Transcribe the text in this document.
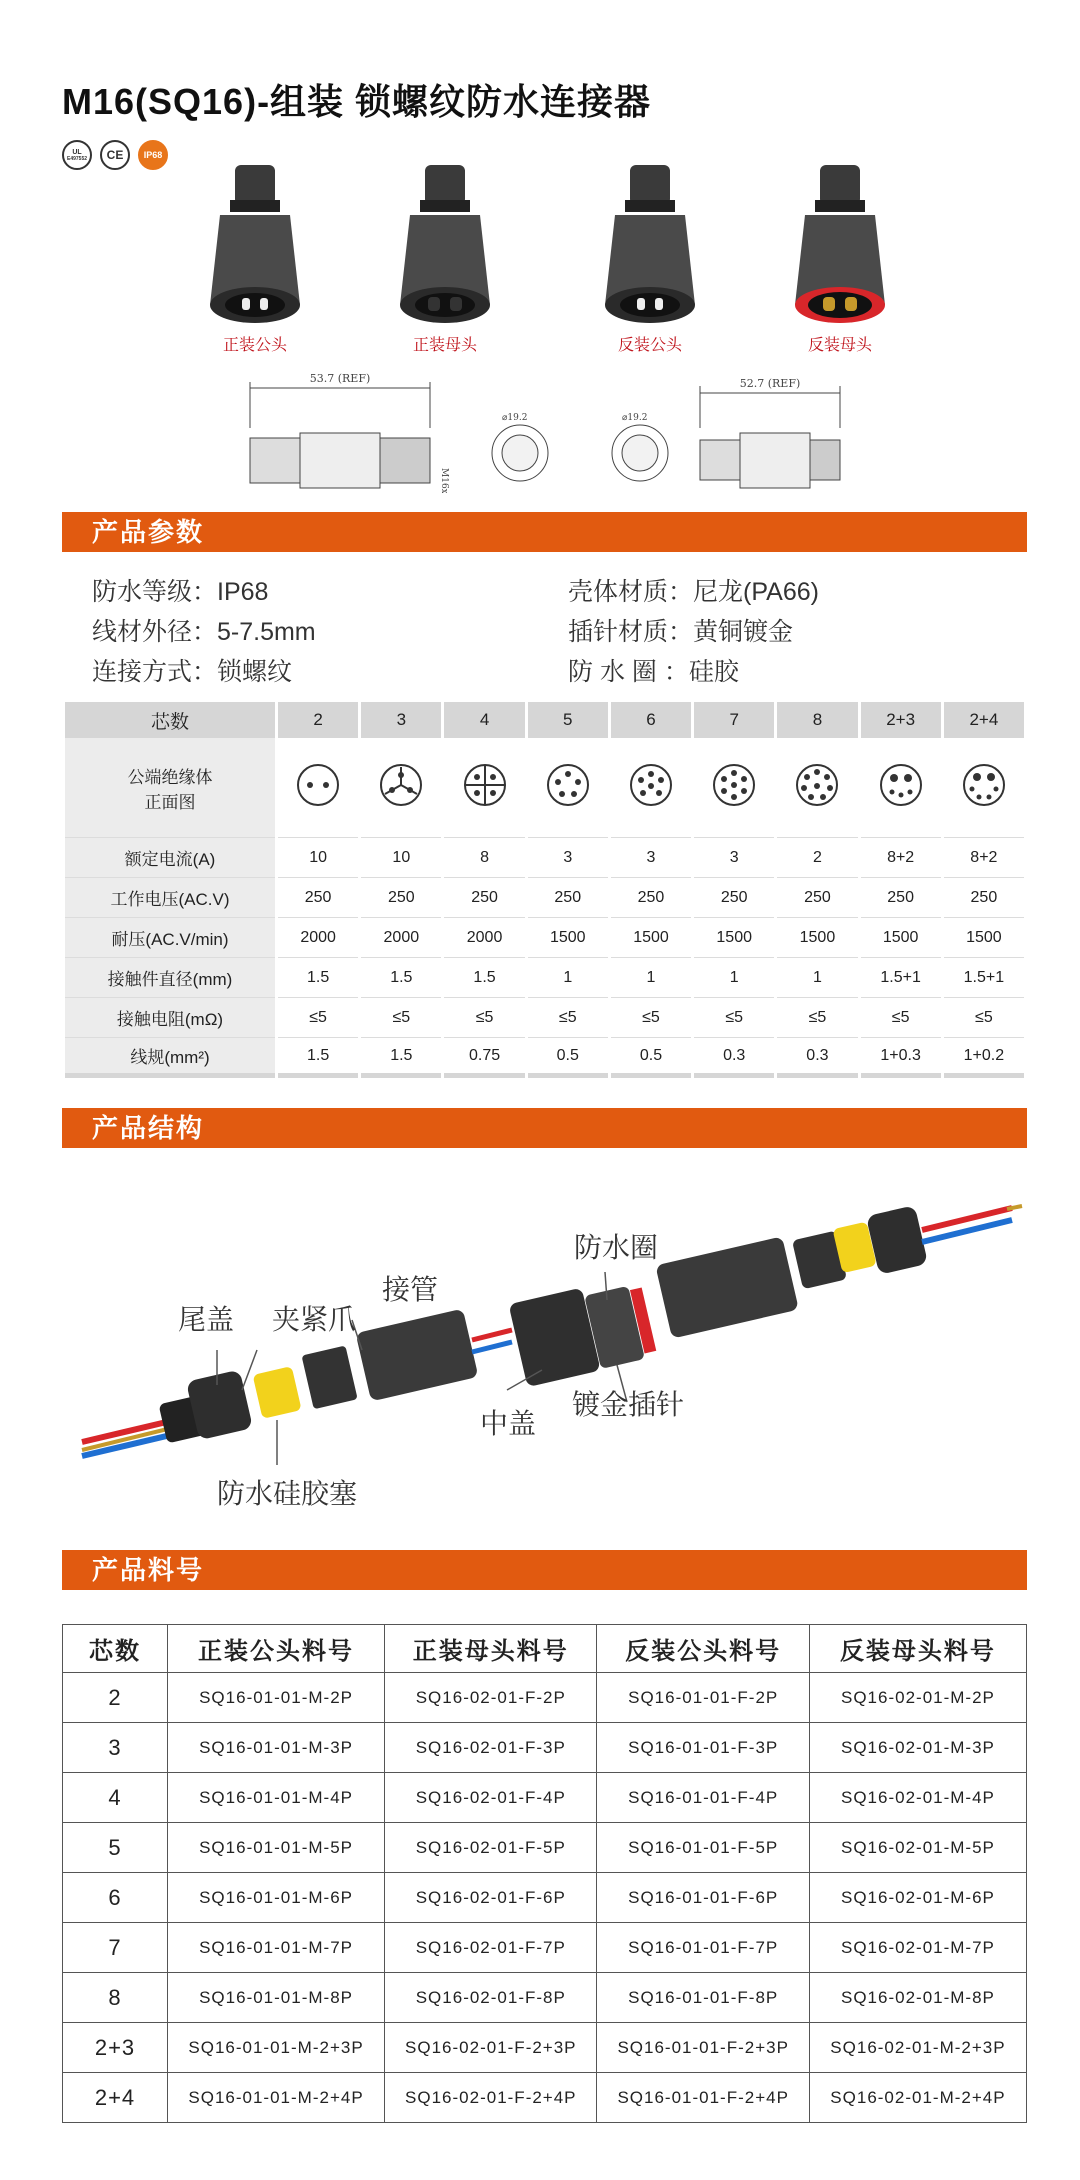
M16(SQ16)-组装 锁螺纹防水连接器
UL
E497552	CE	IP68
正装公头	正装母头	反装公头	反装母头
53.7 (REF)	52.7 (REF)
⌀19.2	⌀19.2
M16x1.5
产品参数
防水等级：IP68	壳体材质：尼龙(PA66)
线材外径：5-7.5mm	插针材质：黄铜镀金
连接方式：锁螺纹	防 水 圈 ：硅胶
芯数	2	3	4	5	6	7	8	2+3	2+4

公端绝缘体
正面图

额定电流(A)	10	10	8	3	3	3	2	8+2	8+2
工作电压(AC.V)	250	250	250	250	250	250	250	250	250
耐压(AC.V/min)	2000	2000	2000	1500	1500	1500	1500	1500	1500
接触件直径(mm)	1.5	1.5	1.5	1	1	1	1	1.5+1	1.5+1
接触电阻(mΩ)	≤5	≤5	≤5	≤5	≤5	≤5	≤5	≤5	≤5
线规(mm²)	1.5	1.5	0.75	0.5	0.5	0.3	0.3	1+0.3	1+0.2
产品结构
尾盖 夹紧爪
接管
防水圈
防水硅胶塞
中盖
镀金插针
产品料号
芯数	正装公头料号	正装母头料号	反装公头料号	反装母头料号
2	SQ16-01-01-M-2P	SQ16-02-01-F-2P	SQ16-01-01-F-2P	SQ16-02-01-M-2P
3	SQ16-01-01-M-3P	SQ16-02-01-F-3P	SQ16-01-01-F-3P	SQ16-02-01-M-3P
4	SQ16-01-01-M-4P	SQ16-02-01-F-4P	SQ16-01-01-F-4P	SQ16-02-01-M-4P
5	SQ16-01-01-M-5P	SQ16-02-01-F-5P	SQ16-01-01-F-5P	SQ16-02-01-M-5P
6	SQ16-01-01-M-6P	SQ16-02-01-F-6P	SQ16-01-01-F-6P	SQ16-02-01-M-6P
7	SQ16-01-01-M-7P	SQ16-02-01-F-7P	SQ16-01-01-F-7P	SQ16-02-01-M-7P
8	SQ16-01-01-M-8P	SQ16-02-01-F-8P	SQ16-01-01-F-8P	SQ16-02-01-M-8P
2+3	SQ16-01-01-M-2+3P	SQ16-02-01-F-2+3P	SQ16-01-01-F-2+3P	SQ16-02-01-M-2+3P
2+4	SQ16-01-01-M-2+4P	SQ16-02-01-F-2+4P	SQ16-01-01-F-2+4P	SQ16-02-01-M-2+4P
